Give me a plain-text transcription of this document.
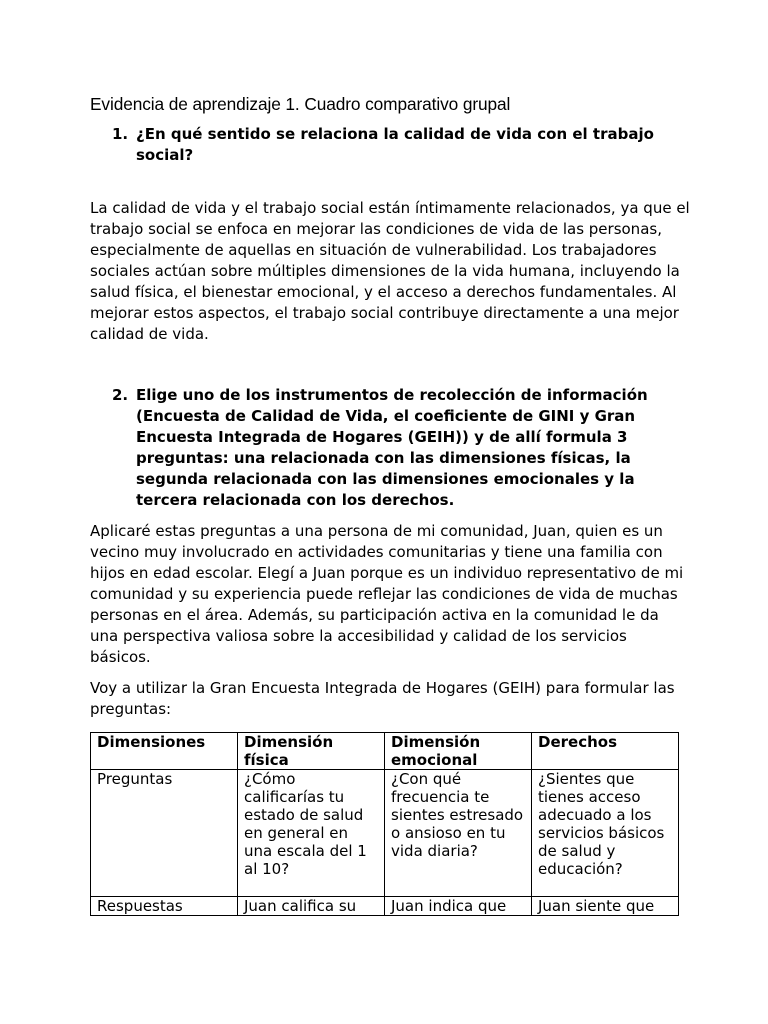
Evidencia de aprendizaje 1. Cuadro comparativo grupal
1. ¿En qué sentido se relaciona la calidad de vida con el trabajo social?

La calidad de vida y el trabajo social están íntimamente relacionados, ya que el trabajo social se enfoca en mejorar las condiciones de vida de las personas, especialmente de aquellas en situación de vulnerabilidad. Los trabajadores sociales actúan sobre múltiples dimensiones de la vida humana, incluyendo la salud física, el bienestar emocional, y el acceso a derechos fundamentales. Al mejorar estos aspectos, el trabajo social contribuye directamente a una mejor calidad de vida.

2. Elige uno de los instrumentos de recolección de información (Encuesta de Calidad de Vida, el coeficiente de GINI y Gran Encuesta Integrada de Hogares (GEIH)) y de allí formula 3 preguntas: una relacionada con las dimensiones físicas, la segunda relacionada con las dimensiones emocionales y la tercera relacionada con los derechos.

Aplicaré estas preguntas a una persona de mi comunidad, Juan, quien es un vecino muy involucrado en actividades comunitarias y tiene una familia con hijos en edad escolar. Elegí a Juan porque es un individuo representativo de mi comunidad y su experiencia puede reflejar las condiciones de vida de muchas personas en el área. Además, su participación activa en la comunidad le da una perspectiva valiosa sobre la accesibilidad y calidad de los servicios básicos.

Voy a utilizar la Gran Encuesta Integrada de Hogares (GEIH) para formular las preguntas:

Dimensiones	Dimensión física	Dimensión emocional	Derechos
Preguntas	¿Cómo calificarías tu estado de salud en general en una escala del 1 al 10?	¿Con qué frecuencia te sientes estresado o ansioso en tu vida diaria?	¿Sientes que tienes acceso adecuado a los servicios básicos de salud y educación?
Respuestas	Juan califica su	Juan indica que	Juan siente que
